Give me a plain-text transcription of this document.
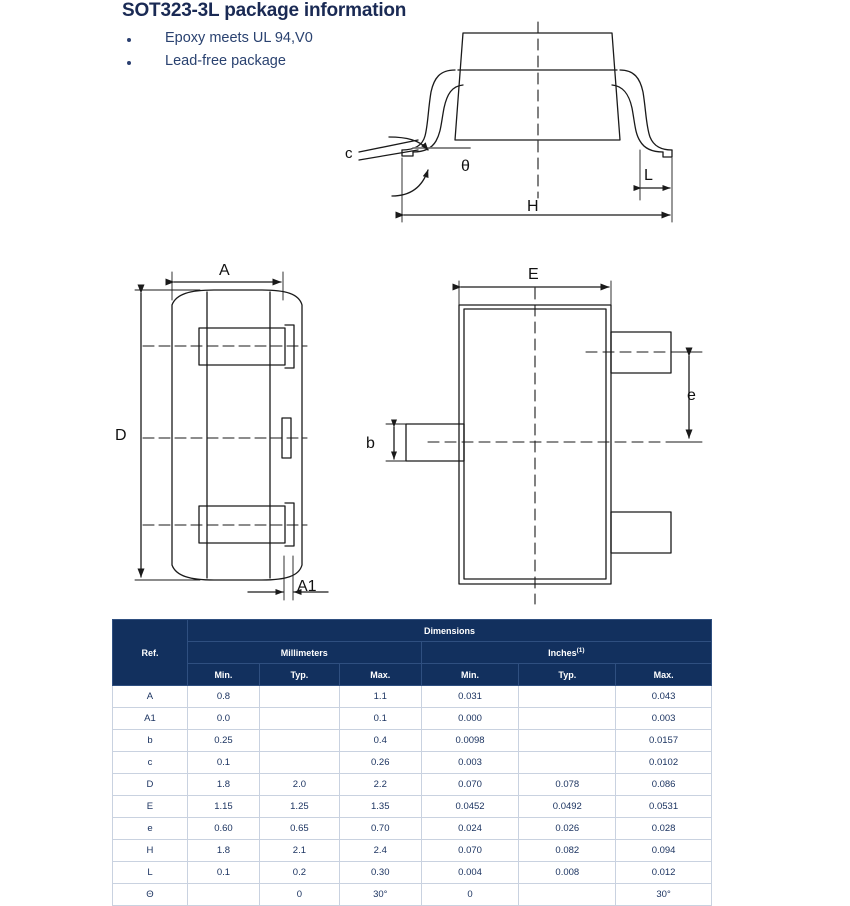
SOT323-3L package information
Epoxy meets UL 94,V0
Lead-free package
c
θ
H
L
A
A1
D
E
b
e
Ref.	Dimensions					
	Millimeters			Inches$^{(1)}$
	Min.	Typ.	Max.	Min.	Typ.	Max.
A	0.8		1.1	0.031		0.043
A1	0.0		0.1	0.000		0.003
b	0.25		0.4	0.0098		0.0157
c	0.1		0.26	0.003		0.0102
D	1.8	2.0	2.2	0.070	0.078	0.086
E	1.15	1.25	1.35	0.0452	0.0492	0.0531
e	0.60	0.65	0.70	0.024	0.026	0.028
H	1.8	2.1	2.4	0.070	0.082	0.094
L	0.1	0.2	0.30	0.004	0.008	0.012
Θ		0	30°	0		30°
